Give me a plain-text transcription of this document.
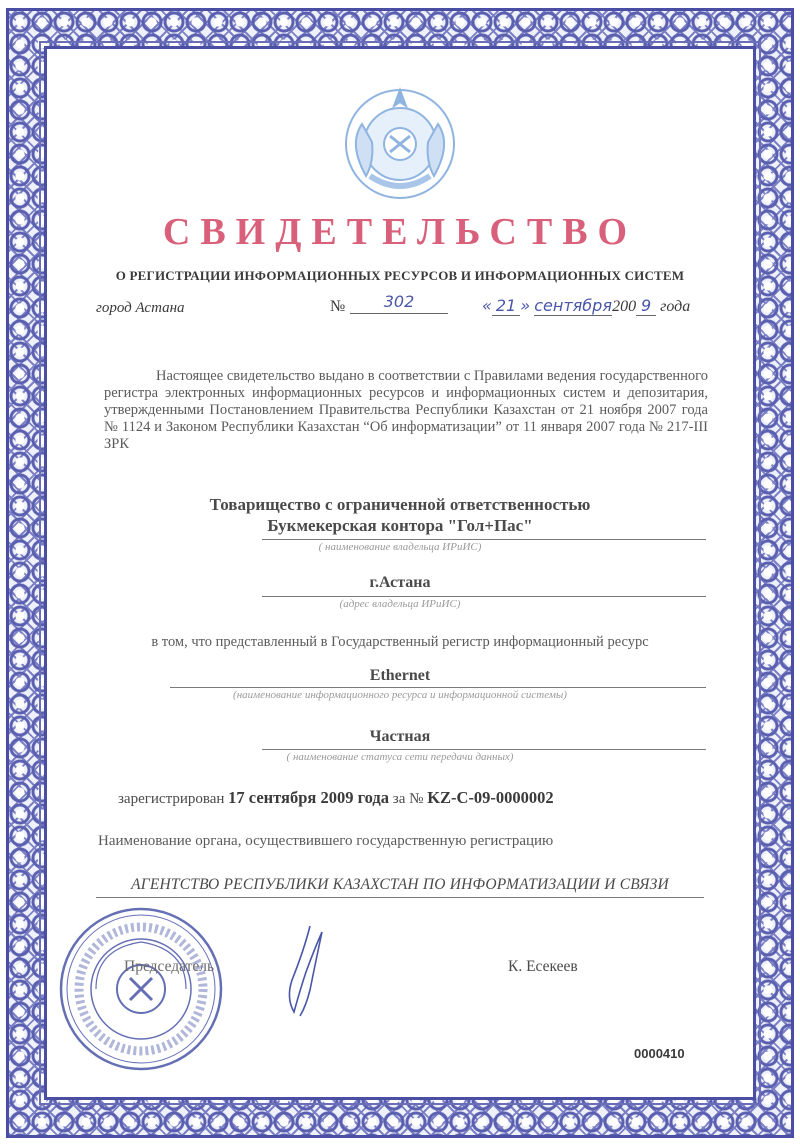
СВИДЕТЕЛЬСТВО
О РЕГИСТРАЦИИ ИНФОРМАЦИОННЫХ РЕСУРСОВ И ИНФОРМАЦИОННЫХ СИСТЕМ
город Астана	№	302	« 21 » сентября200 9 года
Настоящее свидетельство выдано в соответствии с Правилами ведения государственного регистра электронных информационных ресурсов и информационных систем и депозитария, утвержденными Постановлением Правительства Республики Казахстан от 21 ноября 2007 года № 1124 и Законом Республики Казахстан “Об информатизации” от 11 января 2007 года № 217-III ЗРК
Товарищество с ограниченной ответственностью
Букмекерская контора "Гол+Пас"
( наименование владельца ИРиИС)
г.Астана
(адрес владельца ИРиИС)
в том, что представленный в Государственный регистр информационный ресурс
Ethernet
(наименование информационного ресурса и информационной системы)
Частная
( наименование статуса сети передачи данных)
зарегистрирован 17 сентября 2009 года за № KZ-C-09-0000002
Наименование органа, осуществившего государственную регистрацию
АГЕНТСТВО РЕСПУБЛИКИ КАЗАХСТАН ПО ИНФОРМАТИЗАЦИИ И СВЯЗИ
Председатель	К. Есекеев
0000410
